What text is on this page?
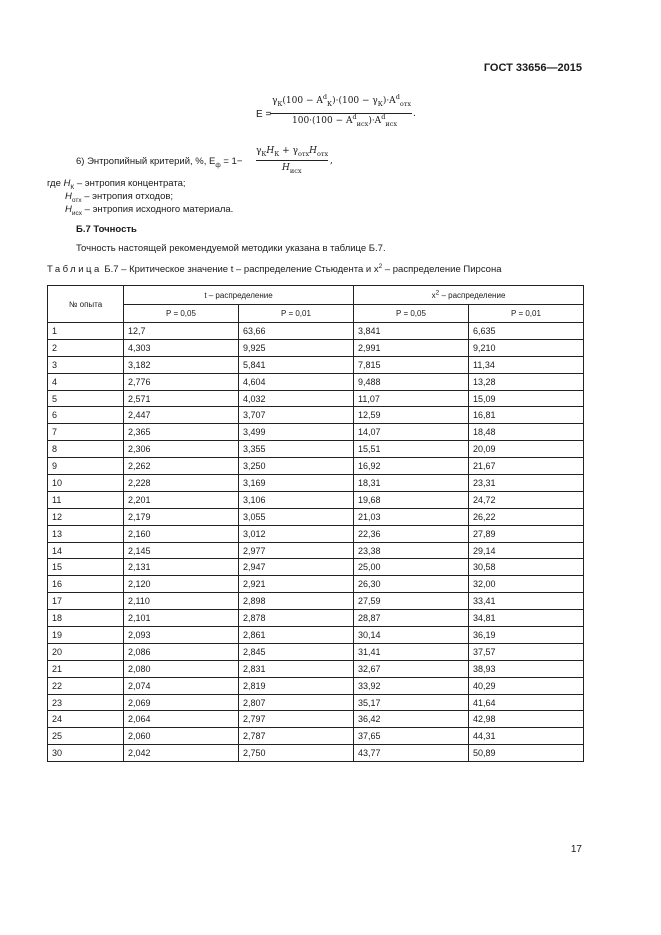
ГОСТ 33656—2015
E =
$\gamma_К(100 - A^d_К)\cdot(100 - \gamma_К)\cdot A^d_{отх}$
$100\cdot(100 - A^d_{исх})\cdot A^d_{исх}$
.
6) Энтропийный критерий, %, $E_ф = 1-$
$\gamma_КH_К + \gamma_{отх}H_{отх}$
$H_{исх}$
,
где $H_К$ – энтропия концентрата;
$H_{отх}$ – энтропия отходов;
$H_{исх}$ – энтропия исходного материала.
Б.7 Точность
Точность настоящей рекомендуемой методики указана в таблице Б.7.
Таблица Б.7 – Критическое значение t – распределение Стьюдента и $x^2$ – распределение Пирсона
№ опыта	t – распределение		$x^2$ – распределение	
	P = 0,05	P = 0,01	P = 0,05	P = 0,01
1	12,7	63,66	3,841	6,635
2	4,303	9,925	2,991	9,210
3	3,182	5,841	7,815	11,34
4	2,776	4,604	9,488	13,28
5	2,571	4,032	11,07	15,09
6	2,447	3,707	12,59	16,81
7	2,365	3,499	14,07	18,48
8	2,306	3,355	15,51	20,09
9	2,262	3,250	16,92	21,67
10	2,228	3,169	18,31	23,31
11	2,201	3,106	19,68	24,72
12	2,179	3,055	21,03	26,22
13	2,160	3,012	22,36	27,89
14	2,145	2,977	23,38	29,14
15	2,131	2,947	25,00	30,58
16	2,120	2,921	26,30	32,00
17	2,110	2,898	27,59	33,41
18	2,101	2,878	28,87	34,81
19	2,093	2,861	30,14	36,19
20	2,086	2,845	31,41	37,57
21	2,080	2,831	32,67	38,93
22	2,074	2,819	33,92	40,29
23	2,069	2,807	35,17	41,64
24	2,064	2,797	36,42	42,98
25	2,060	2,787	37,65	44,31
30	2,042	2,750	43,77	50,89
17
